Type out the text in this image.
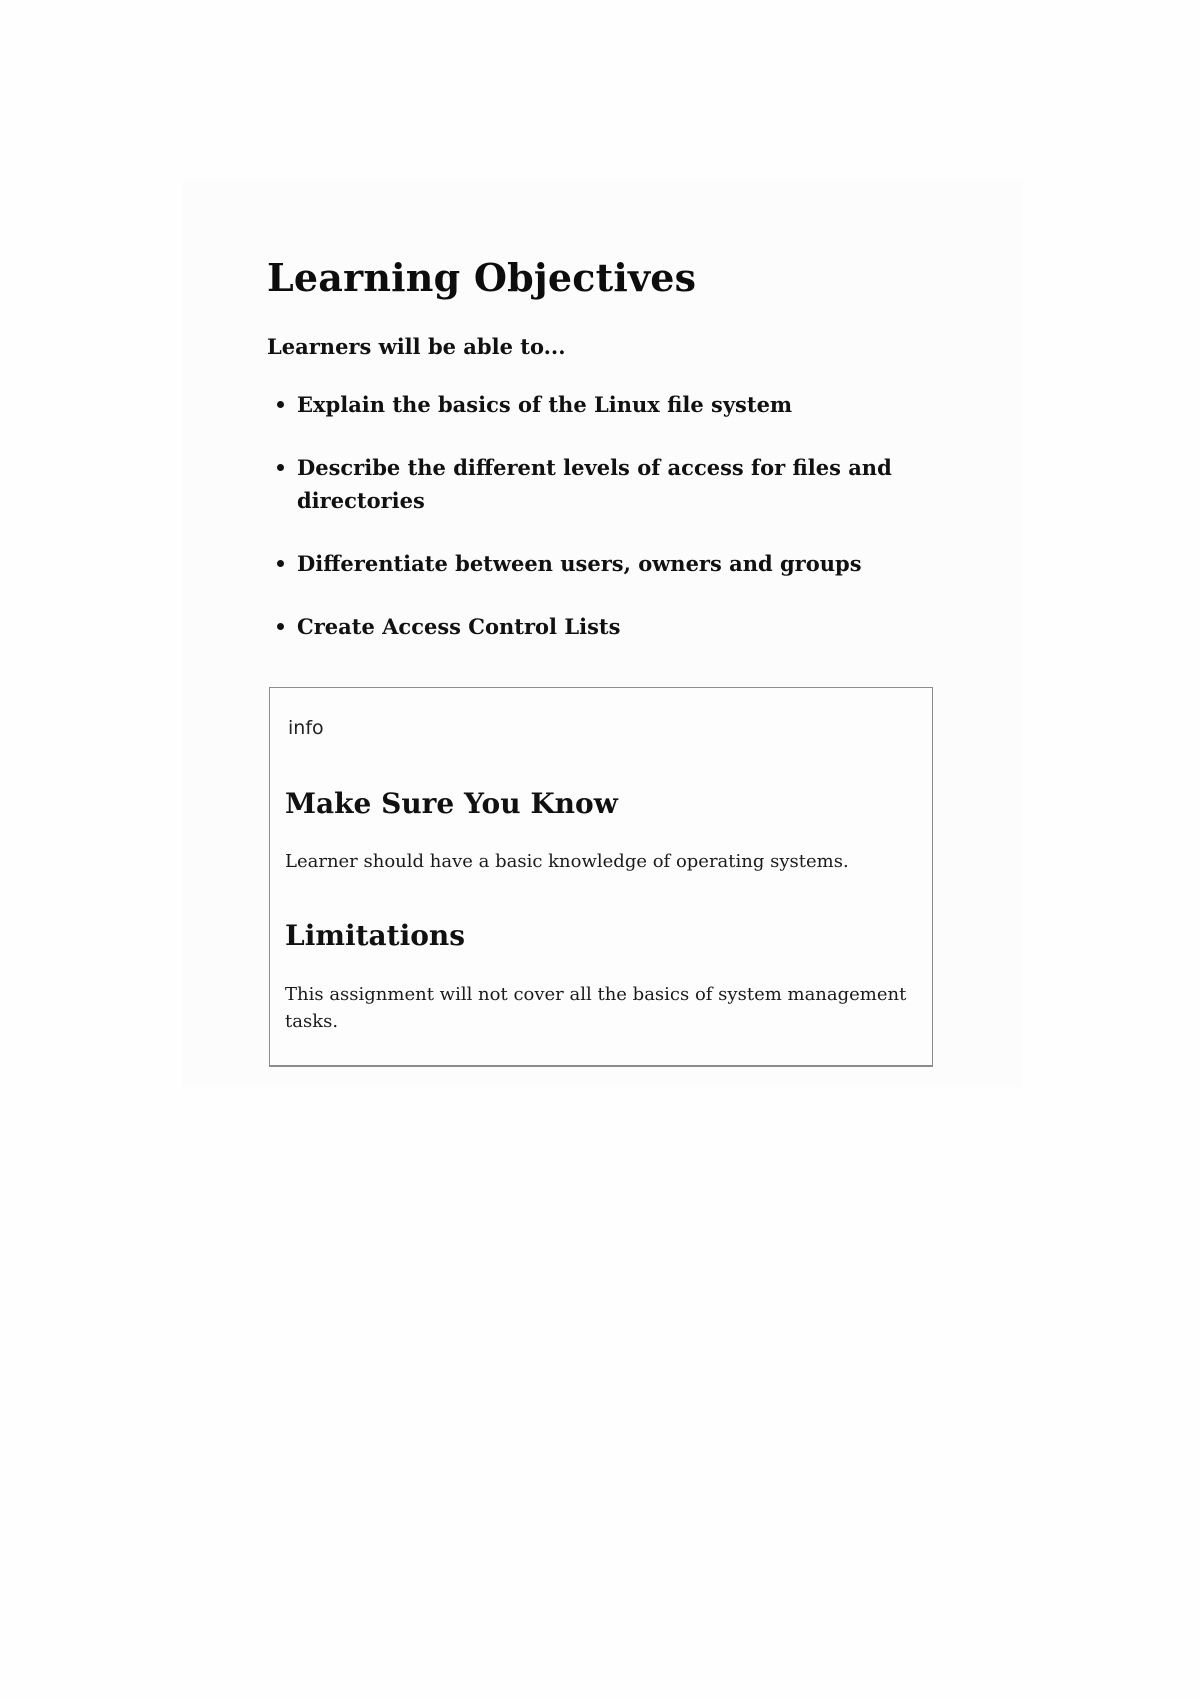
Learning Objectives

Learners will be able to...

Explain the basics of the Linux file system
Describe the different levels of access for files and directories
Differentiate between users, owners and groups
Create Access Control Lists
info
Make Sure You Know

Learner should have a basic knowledge of operating systems.

Limitations

This assignment will not cover all the basics of system management tasks.
